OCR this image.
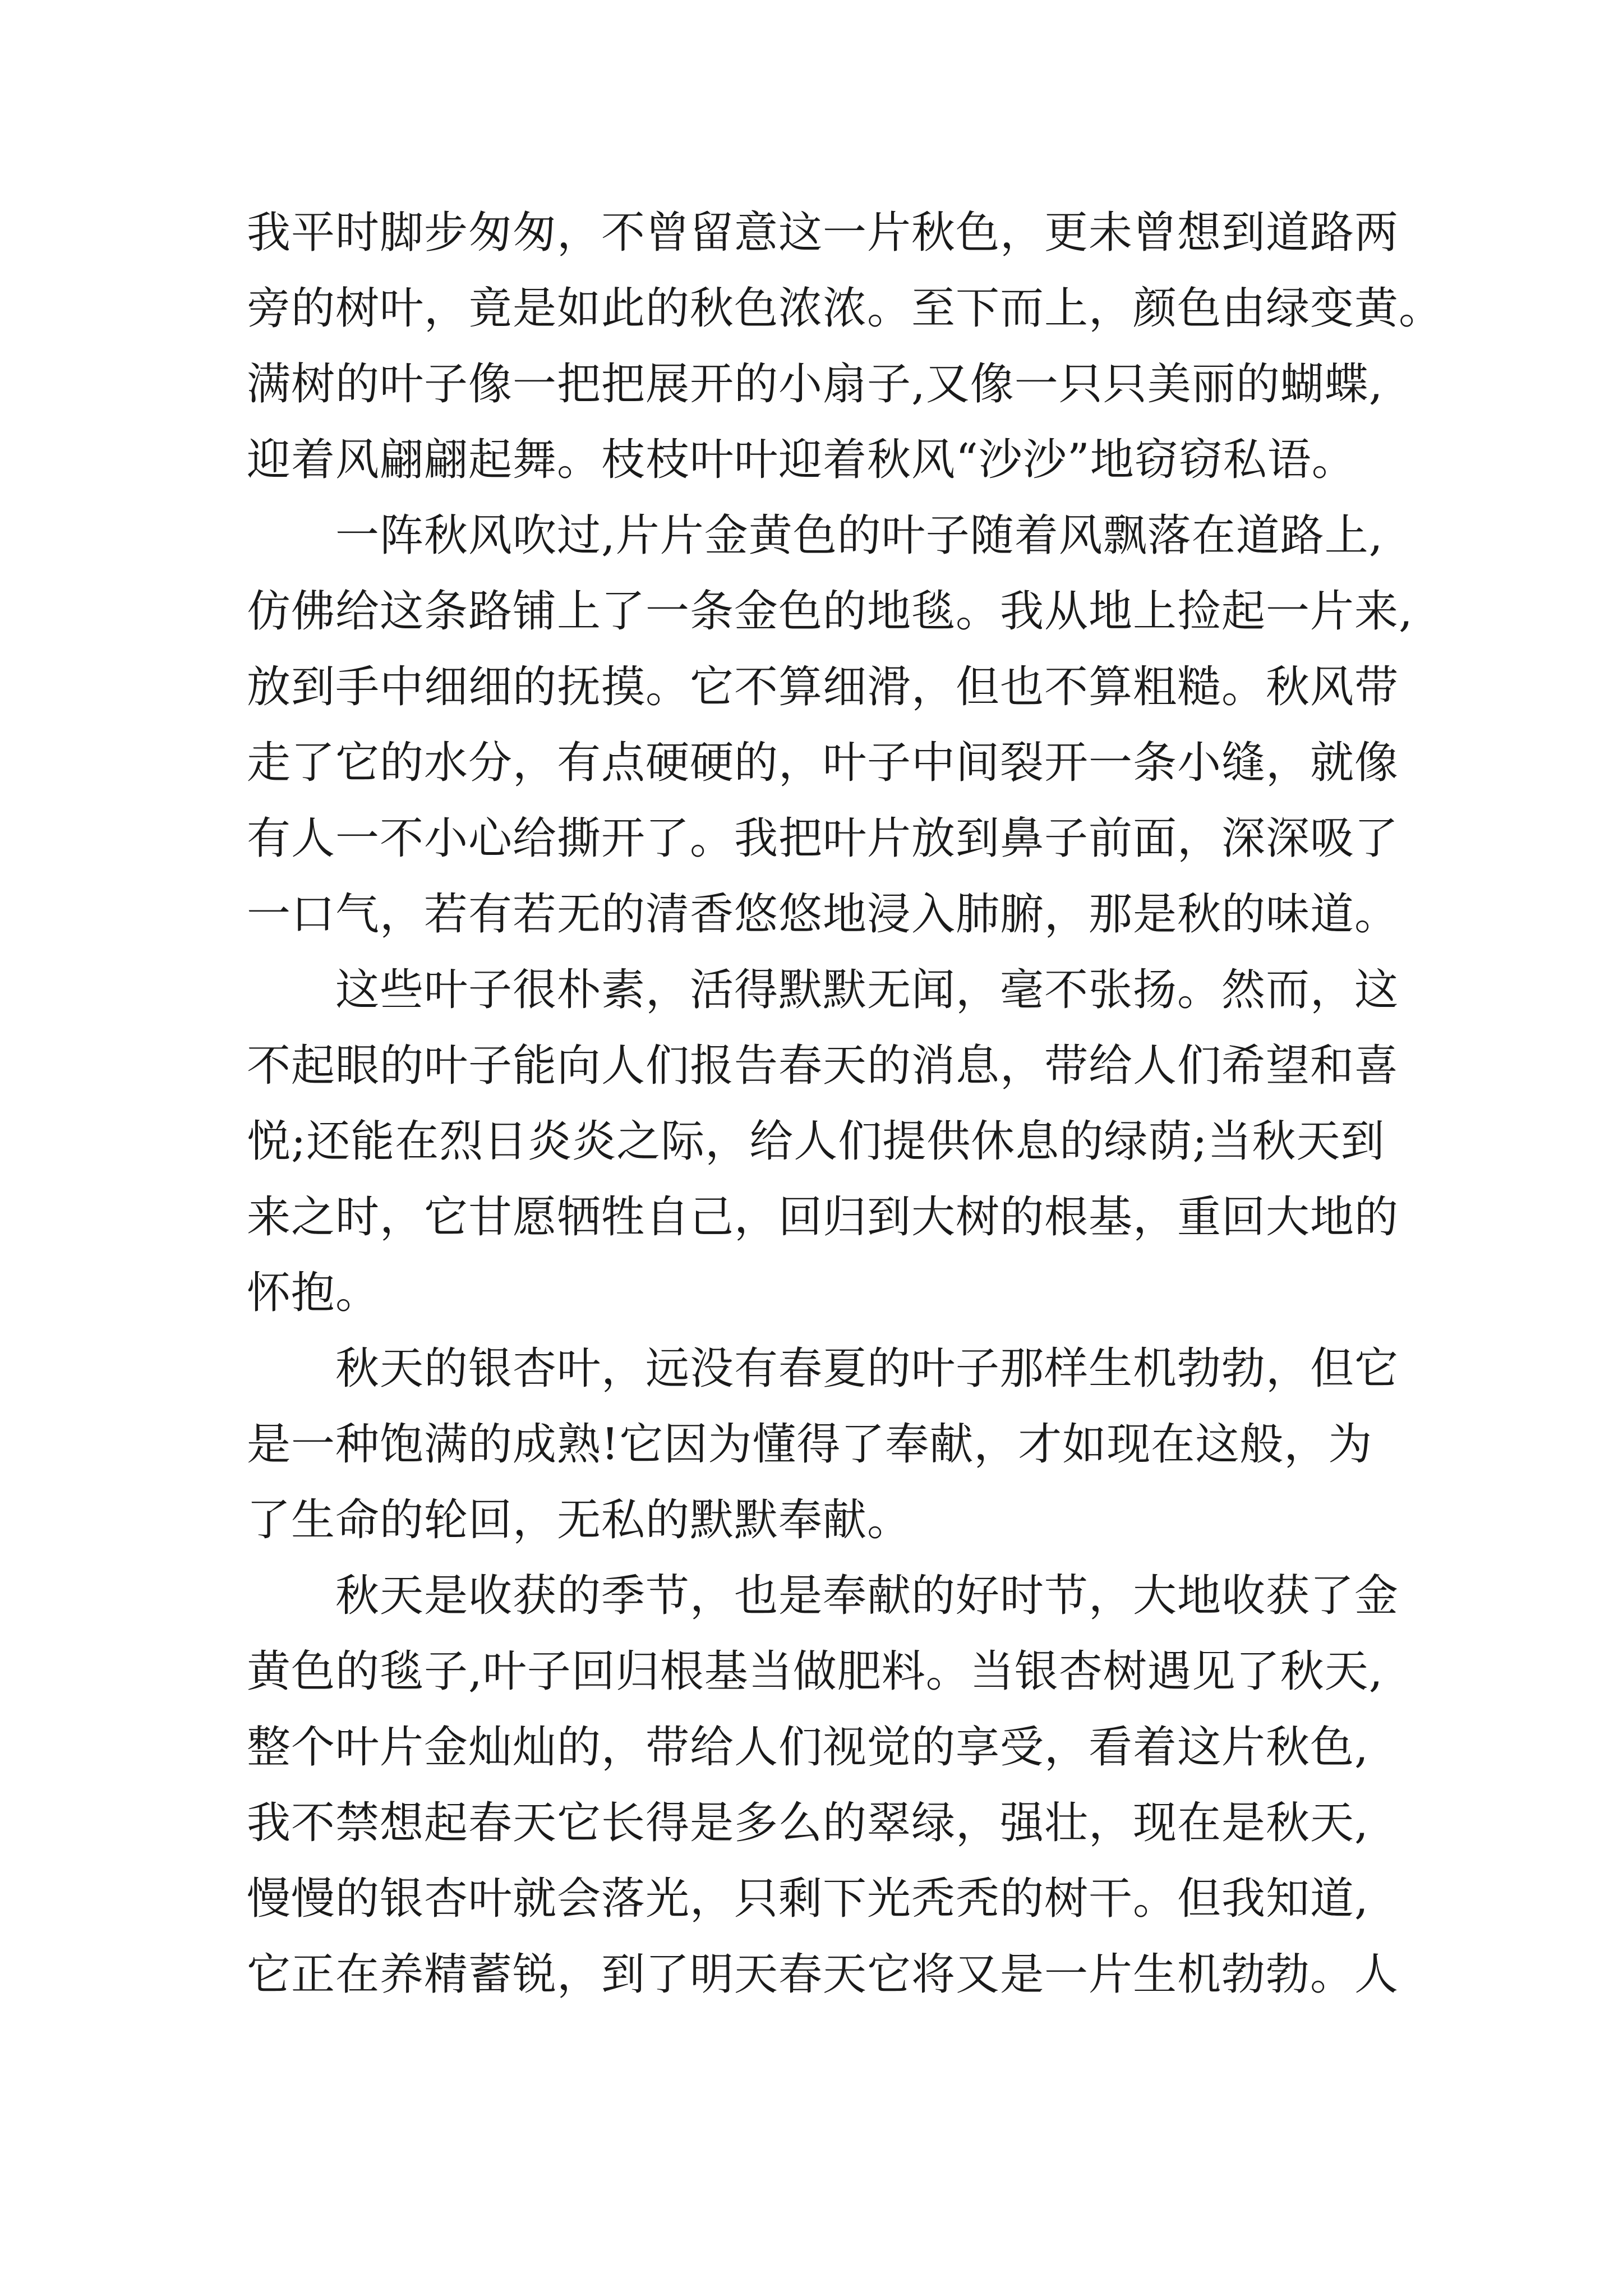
我平时脚步匆匆，不曾留意这一片秋色，更未曾想到道路两
旁的树叶，竟是如此的秋色浓浓。至下而上，颜色由绿变黄。
满树的叶子像一把把展开的小扇子,又像一只只美丽的蝴蝶,
迎着风翩翩起舞。枝枝叶叶迎着秋风“沙沙”地窃窃私语。
一阵秋风吹过,片片金黄色的叶子随着风飘落在道路上,
仿佛给这条路铺上了一条金色的地毯。我从地上捡起一片来,
放到手中细细的抚摸。它不算细滑，但也不算粗糙。秋风带
走了它的水分，有点硬硬的，叶子中间裂开一条小缝，就像
有人一不小心给撕开了。我把叶片放到鼻子前面，深深吸了
一口气，若有若无的清香悠悠地浸入肺腑，那是秋的味道。
这些叶子很朴素，活得默默无闻，毫不张扬。然而，这
不起眼的叶子能向人们报告春天的消息，带给人们希望和喜
悦;还能在烈日炎炎之际，给人们提供休息的绿荫;当秋天到
来之时，它甘愿牺牲自己，回归到大树的根基，重回大地的
怀抱。
秋天的银杏叶，远没有春夏的叶子那样生机勃勃，但它
是一种饱满的成熟!它因为懂得了奉献，才如现在这般，为
了生命的轮回，无私的默默奉献。
秋天是收获的季节，也是奉献的好时节，大地收获了金
黄色的毯子,叶子回归根基当做肥料。当银杏树遇见了秋天,
整个叶片金灿灿的，带给人们视觉的享受，看着这片秋色,
我不禁想起春天它长得是多么的翠绿，强壮，现在是秋天,
慢慢的银杏叶就会落光，只剩下光秃秃的树干。但我知道,
它正在养精蓄锐，到了明天春天它将又是一片生机勃勃。人
